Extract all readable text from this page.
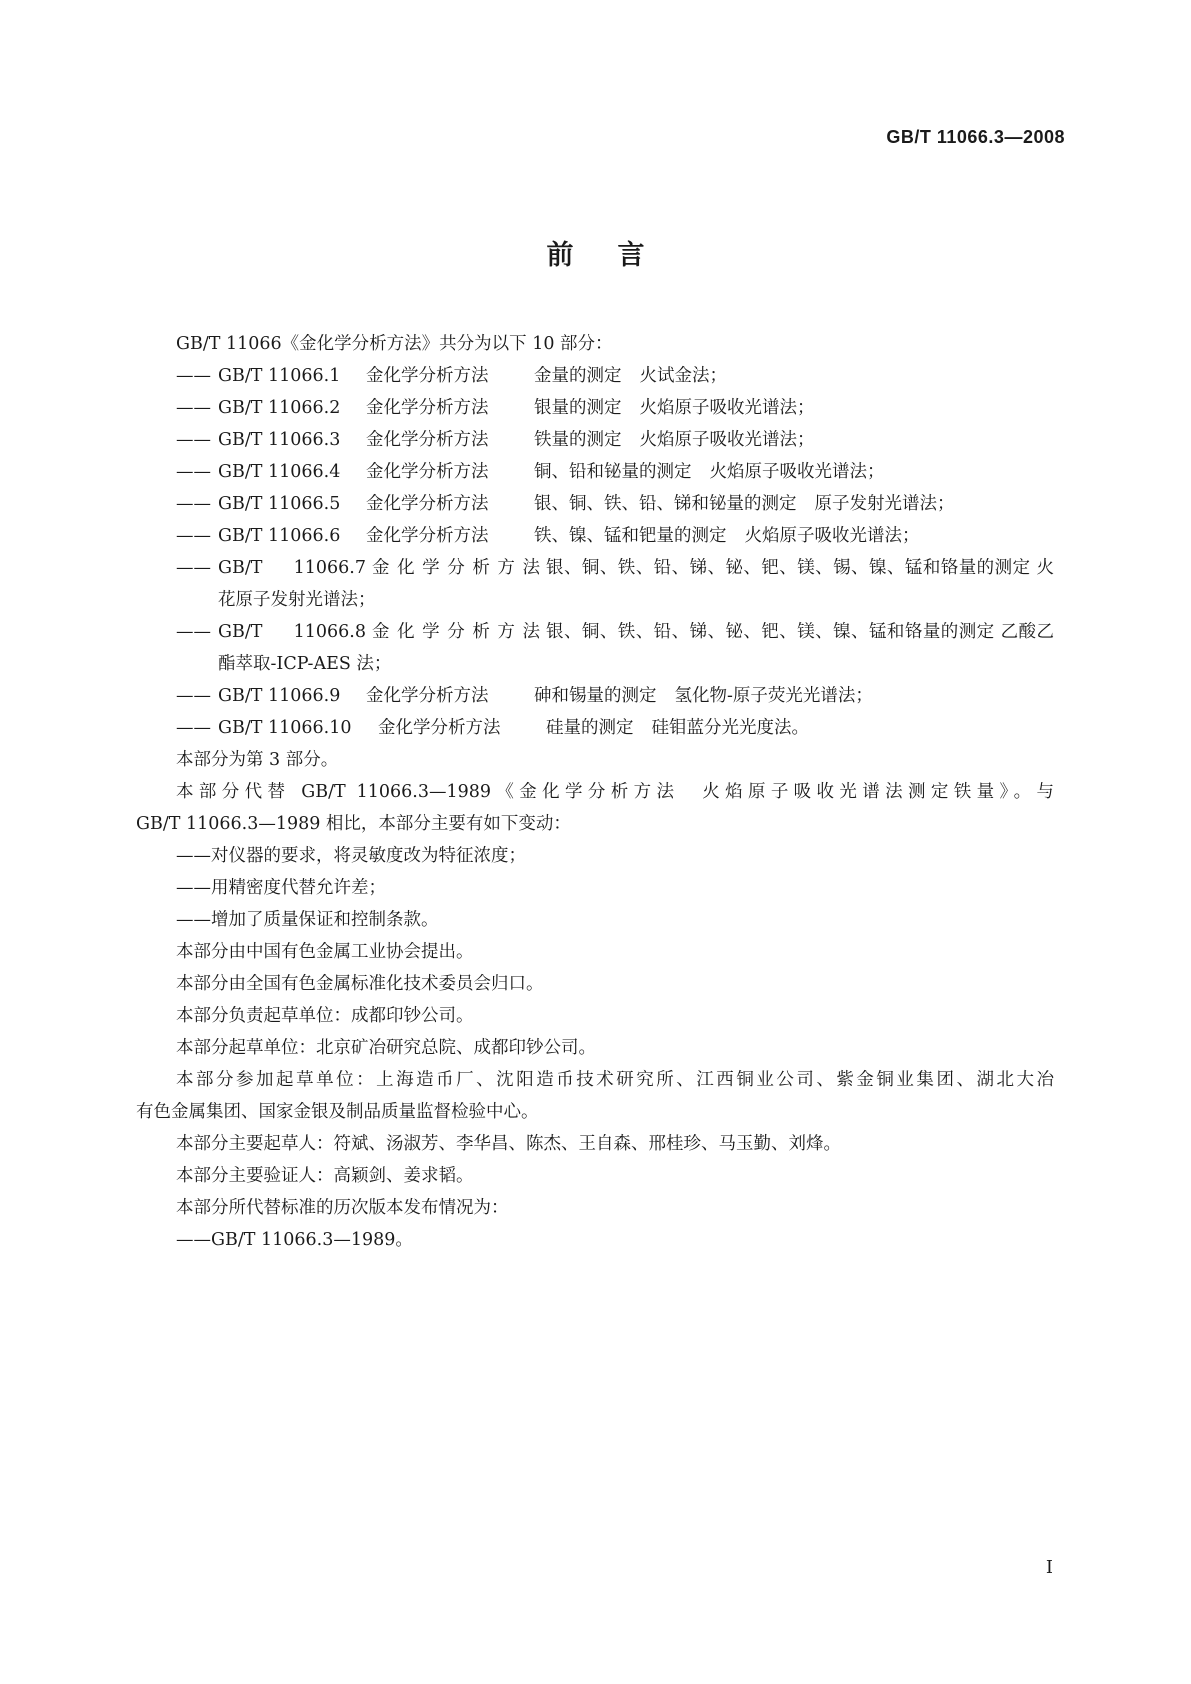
GB/T 11066.3—2008
前言
GB/T 11066《金化学分析方法》共分为以下 10 部分：
—— GB/T 11066.1 金化学分析方法	金量的测定 火试金法；
—— GB/T 11066.2 金化学分析方法	银量的测定 火焰原子吸收光谱法；
—— GB/T 11066.3 金化学分析方法	铁量的测定 火焰原子吸收光谱法；
—— GB/T 11066.4 金化学分析方法	铜、铅和铋量的测定 火焰原子吸收光谱法；
—— GB/T 11066.5 金化学分析方法	银、铜、铁、铅、锑和铋量的测定 原子发射光谱法；
—— GB/T 11066.6 金化学分析方法	铁、镍、锰和钯量的测定 火焰原子吸收光谱法；
—— GB/T 11066.7 金化学分析方法 银、铜、铁、铅、锑、铋、钯、镁、锡、镍、锰和铬量的测定 火
花原子发射光谱法；
—— GB/T 11066.8 金化学分析方法 银、铜、铁、铅、锑、铋、钯、镁、镍、锰和铬量的测定 乙酸乙
酯萃取-ICP-AES 法；
—— GB/T 11066.9 金化学分析方法	砷和锡量的测定 氢化物-原子荧光光谱法；
—— GB/T 11066.10 金化学分析方法	硅量的测定 硅钼蓝分光光度法。
本部分为第 3 部分。
本部分代替 GB/T 11066.3—1989《金化学分析方法　火焰原子吸收光谱法测定铁量》。与
GB/T 11066.3—1989 相比，本部分主要有如下变动：
——对仪器的要求，将灵敏度改为特征浓度；
——用精密度代替允许差；
——增加了质量保证和控制条款。
本部分由中国有色金属工业协会提出。
本部分由全国有色金属标准化技术委员会归口。
本部分负责起草单位：成都印钞公司。
本部分起草单位：北京矿冶研究总院、成都印钞公司。
本部分参加起草单位：上海造币厂、沈阳造币技术研究所、江西铜业公司、紫金铜业集团、湖北大冶
有色金属集团、国家金银及制品质量监督检验中心。
本部分主要起草人：符斌、汤淑芳、李华昌、陈杰、王自森、邢桂珍、马玉勤、刘烽。
本部分主要验证人：高颖剑、姜求韬。
本部分所代替标准的历次版本发布情况为：
——GB/T 11066.3—1989。
I
